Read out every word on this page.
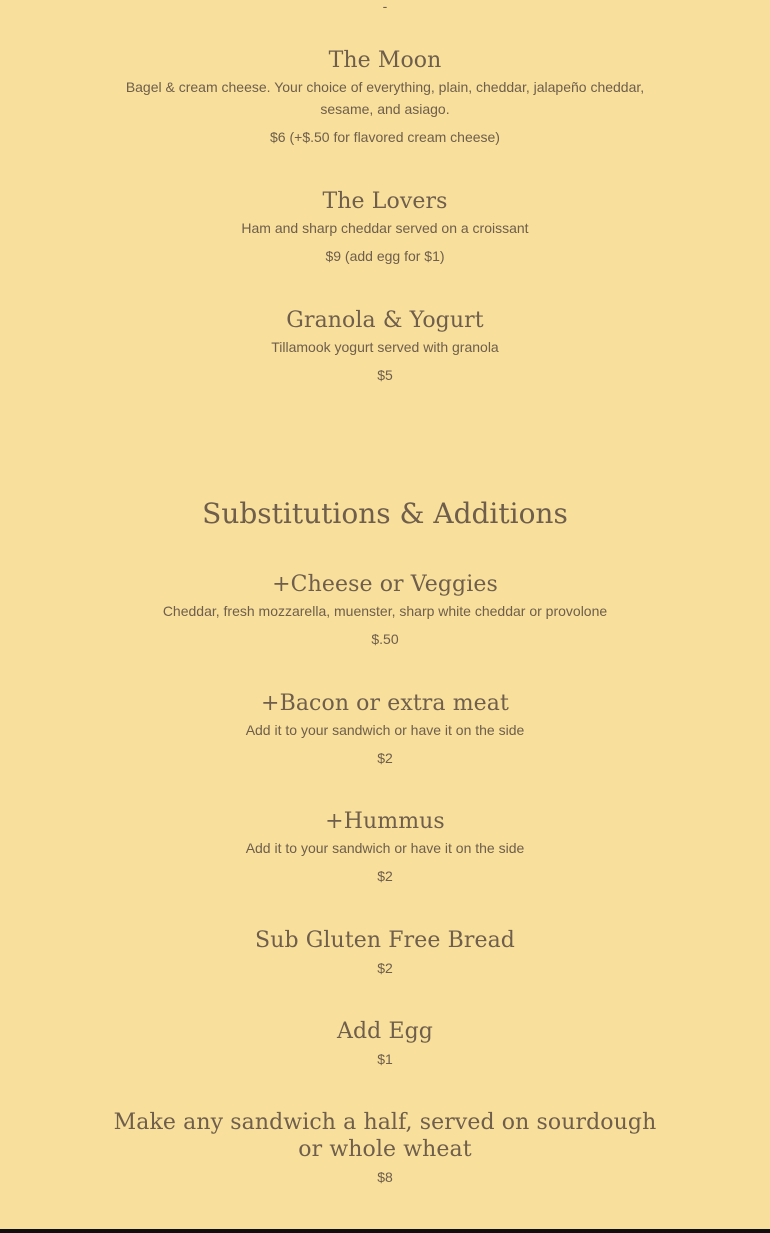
-
The Moon

Bagel & cream cheese. Your choice of everything, plain, cheddar, jalapeño cheddar, sesame, and asiago.

$6 (+$.50 for flavored cream cheese)

The Lovers

Ham and sharp cheddar served on a croissant

$9 (add egg for $1)

Granola & Yogurt

Tillamook yogurt served with granola

$5

Substitutions & Additions
+Cheese or Veggies

Cheddar, fresh mozzarella, muenster, sharp white cheddar or provolone

$.50

+Bacon or extra meat

Add it to your sandwich or have it on the side

$2

+Hummus

Add it to your sandwich or have it on the side

$2

Sub Gluten Free Bread

$2

Add Egg

$1

Make any sandwich a half, served on sourdough or whole wheat

$8
